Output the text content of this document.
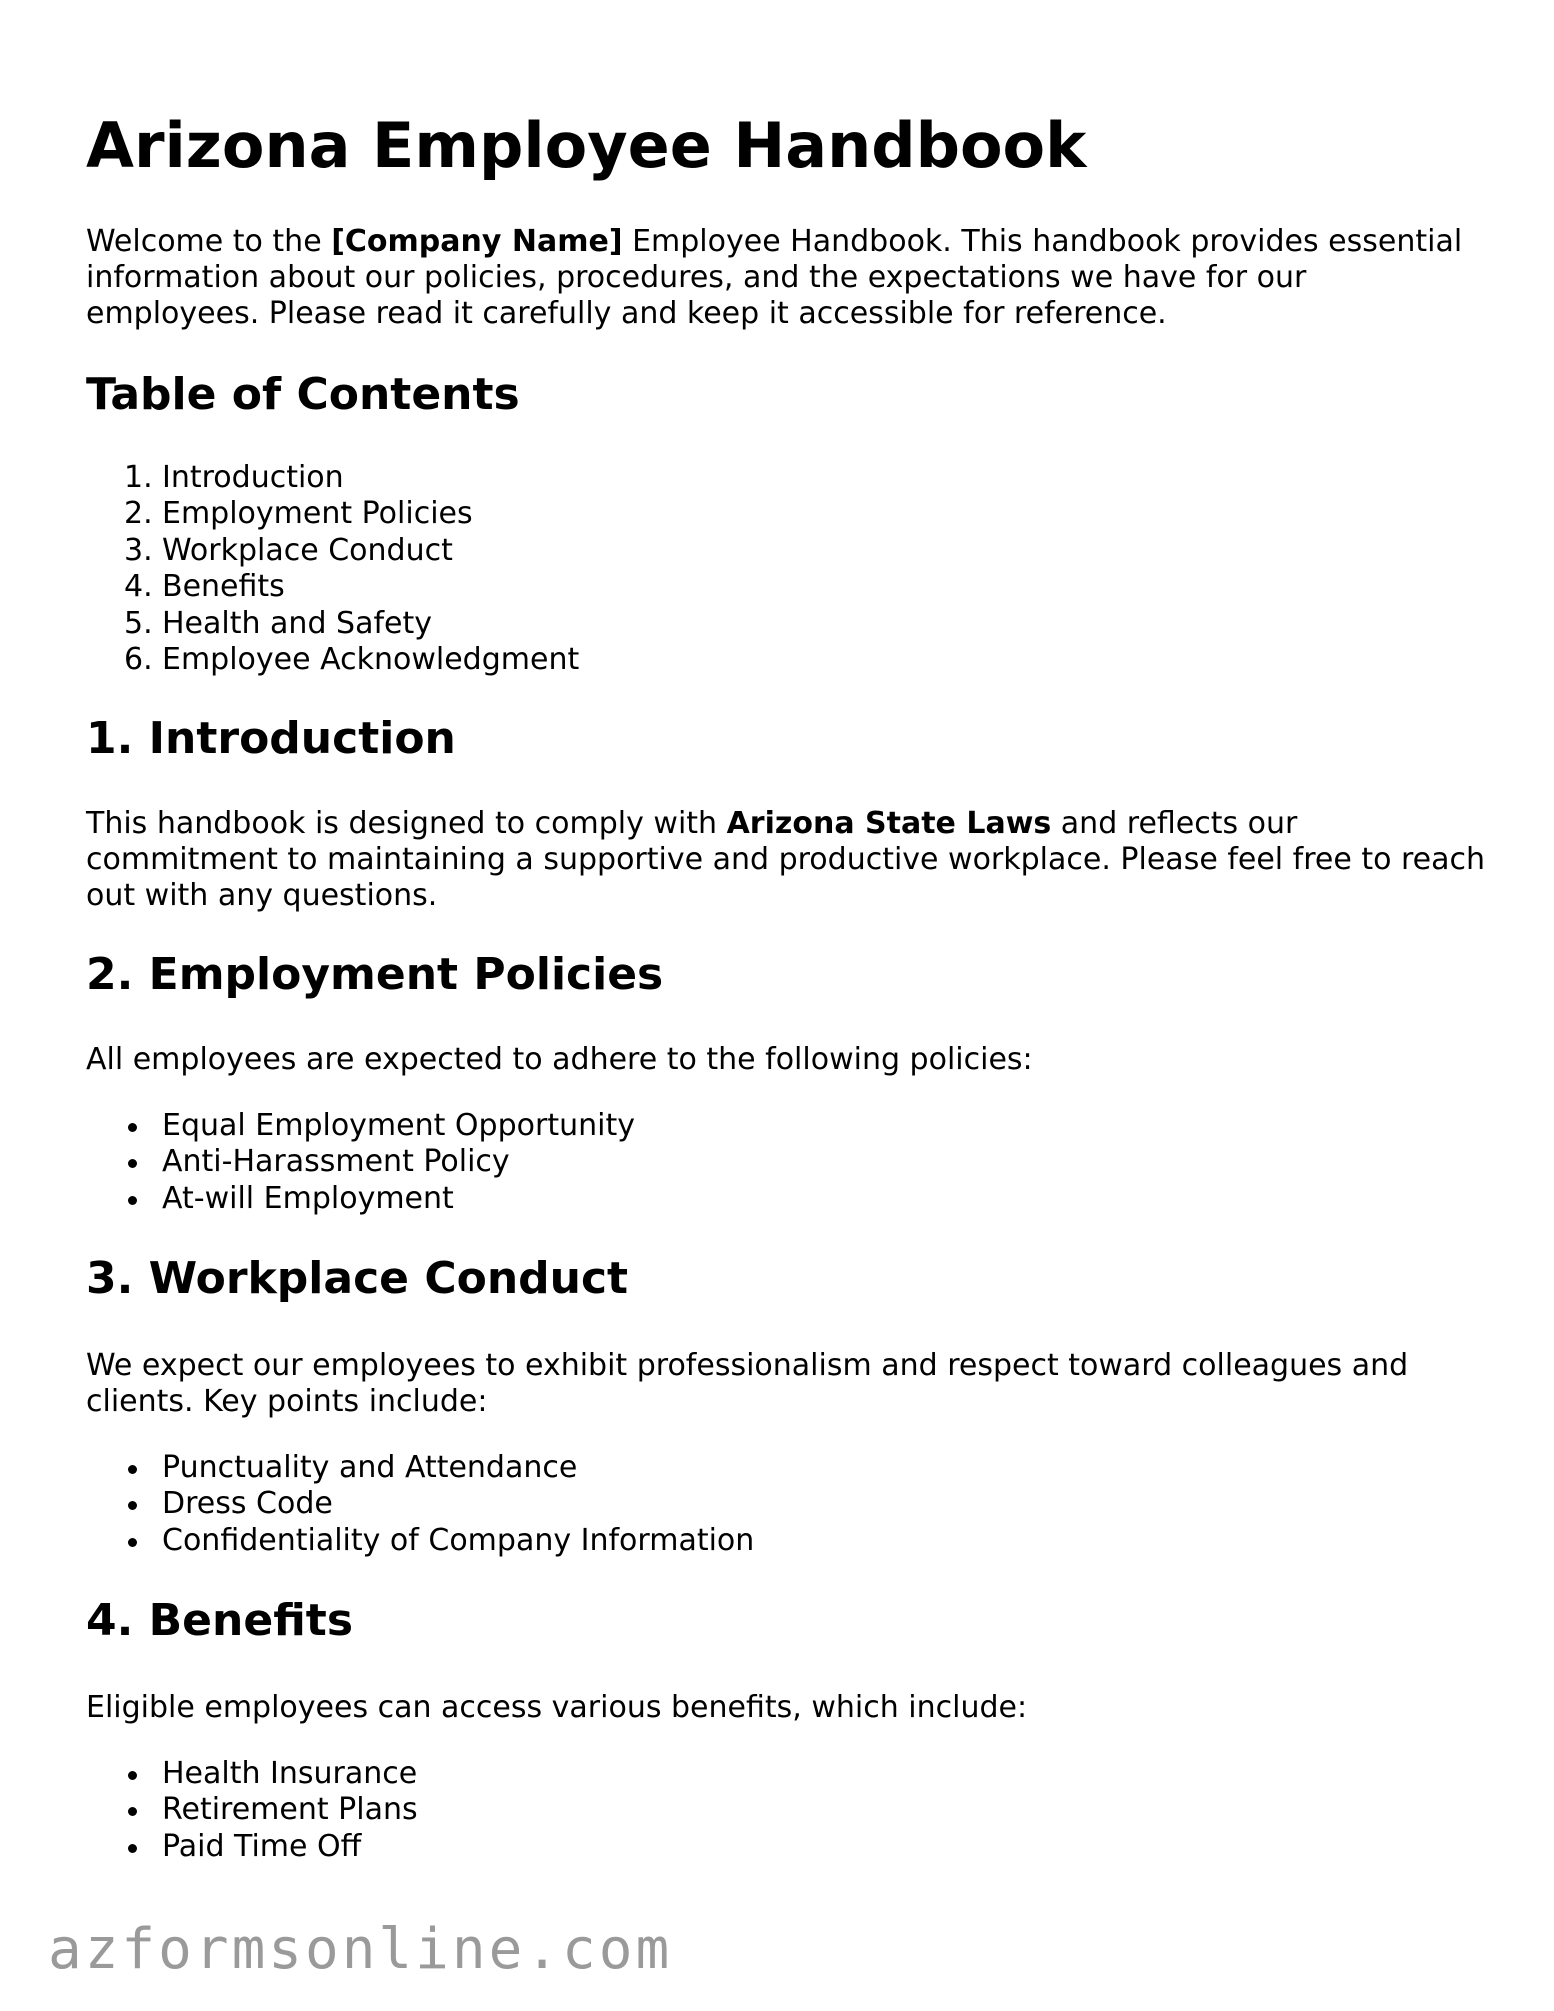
Arizona Employee Handbook

Welcome to the [Company Name] Employee Handbook. This handbook provides essential information about our policies, procedures, and the expectations we have for our employees. Please read it carefully and keep it accessible for reference.

Table of Contents
1. Introduction
2. Employment Policies
3. Workplace Conduct
4. Benefits
5. Health and Safety
6. Employee Acknowledgment
1. Introduction

This handbook is designed to comply with Arizona State Laws and reflects our commitment to maintaining a supportive and productive workplace. Please feel free to reach out with any questions.

2. Employment Policies

All employees are expected to adhere to the following policies:

Equal Employment Opportunity
Anti-Harassment Policy
At-will Employment
3. Workplace Conduct

We expect our employees to exhibit professionalism and respect toward colleagues and clients. Key points include:

Punctuality and Attendance
Dress Code
Confidentiality of Company Information
4. Benefits

Eligible employees can access various benefits, which include:

Health Insurance
Retirement Plans
Paid Time Off
azformsonline.com
